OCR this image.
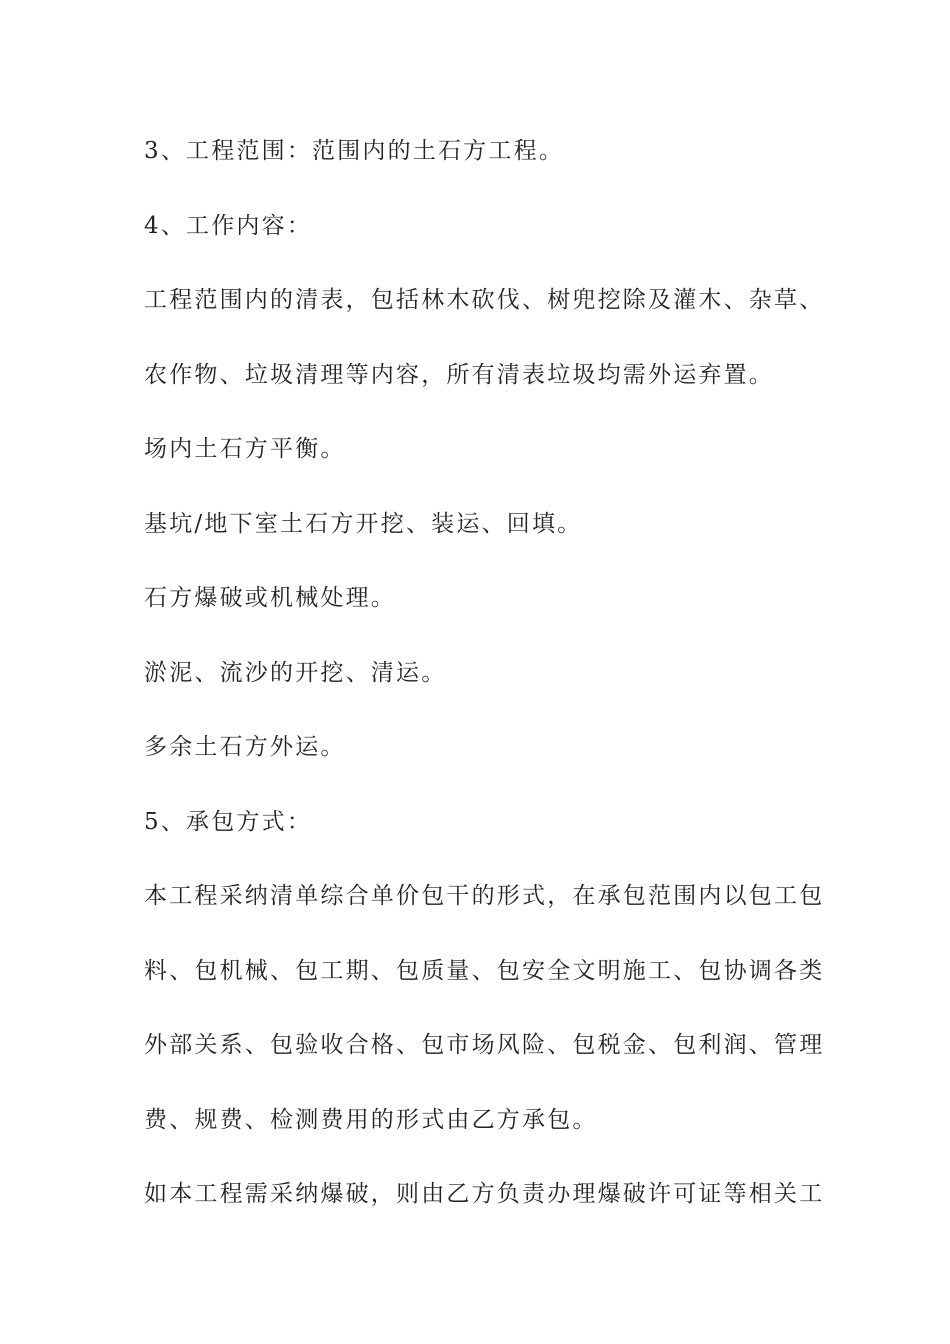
3、工程范围：范围内的土石方工程。

4、工作内容：

工程范围内的清表，包括林木砍伐、树兜挖除及灌木、杂草、

农作物、垃圾清理等内容，所有清表垃圾均需外运弃置。

场内土石方平衡。

基坑/地下室土石方开挖、装运、回填。

石方爆破或机械处理。

淤泥、流沙的开挖、清运。

多余土石方外运。

5、承包方式：

本工程采纳清单综合单价包干的形式，在承包范围内以包工包

料、包机械、包工期、包质量、包安全文明施工、包协调各类

外部关系、包验收合格、包市场风险、包税金、包利润、管理

费、规费、检测费用的形式由乙方承包。

如本工程需采纳爆破，则由乙方负责办理爆破许可证等相关工
